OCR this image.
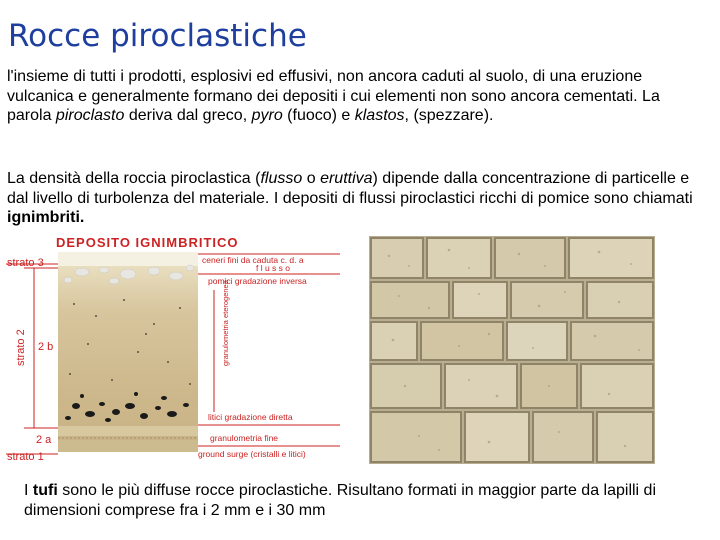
Rocce piroclastiche

l'insieme di tutti i prodotti, esplosivi ed effusivi, non ancora caduti al suolo, di una eruzione vulcanica e generalmente formano dei depositi i cui elementi non sono ancora cementati. La parola piroclasto deriva dal greco, pyro (fuoco) e klastos, (spezzare).

La densità della roccia piroclastica (flusso o eruttiva) dipende dalla concentrazione di particelle e dal livello di turbolenza del materiale. I depositi di flussi piroclastici ricchi di pomice sono chiamati ignimbriti.

DEPOSITO IGNIMBRITICO
strato 3
strato 2 2 b
2 a
strato 1
ceneri fini da caduta c. d. a
f l u s s o
pomici gradazione inversa
granulometria eterogenea
litici gradazione diretta
granulometria fine
ground surge (cristalli e litici)

I tufi sono le più diffuse rocce piroclastiche. Risultano formati in maggior parte da lapilli di dimensioni comprese fra i 2 mm e i 30 mm
